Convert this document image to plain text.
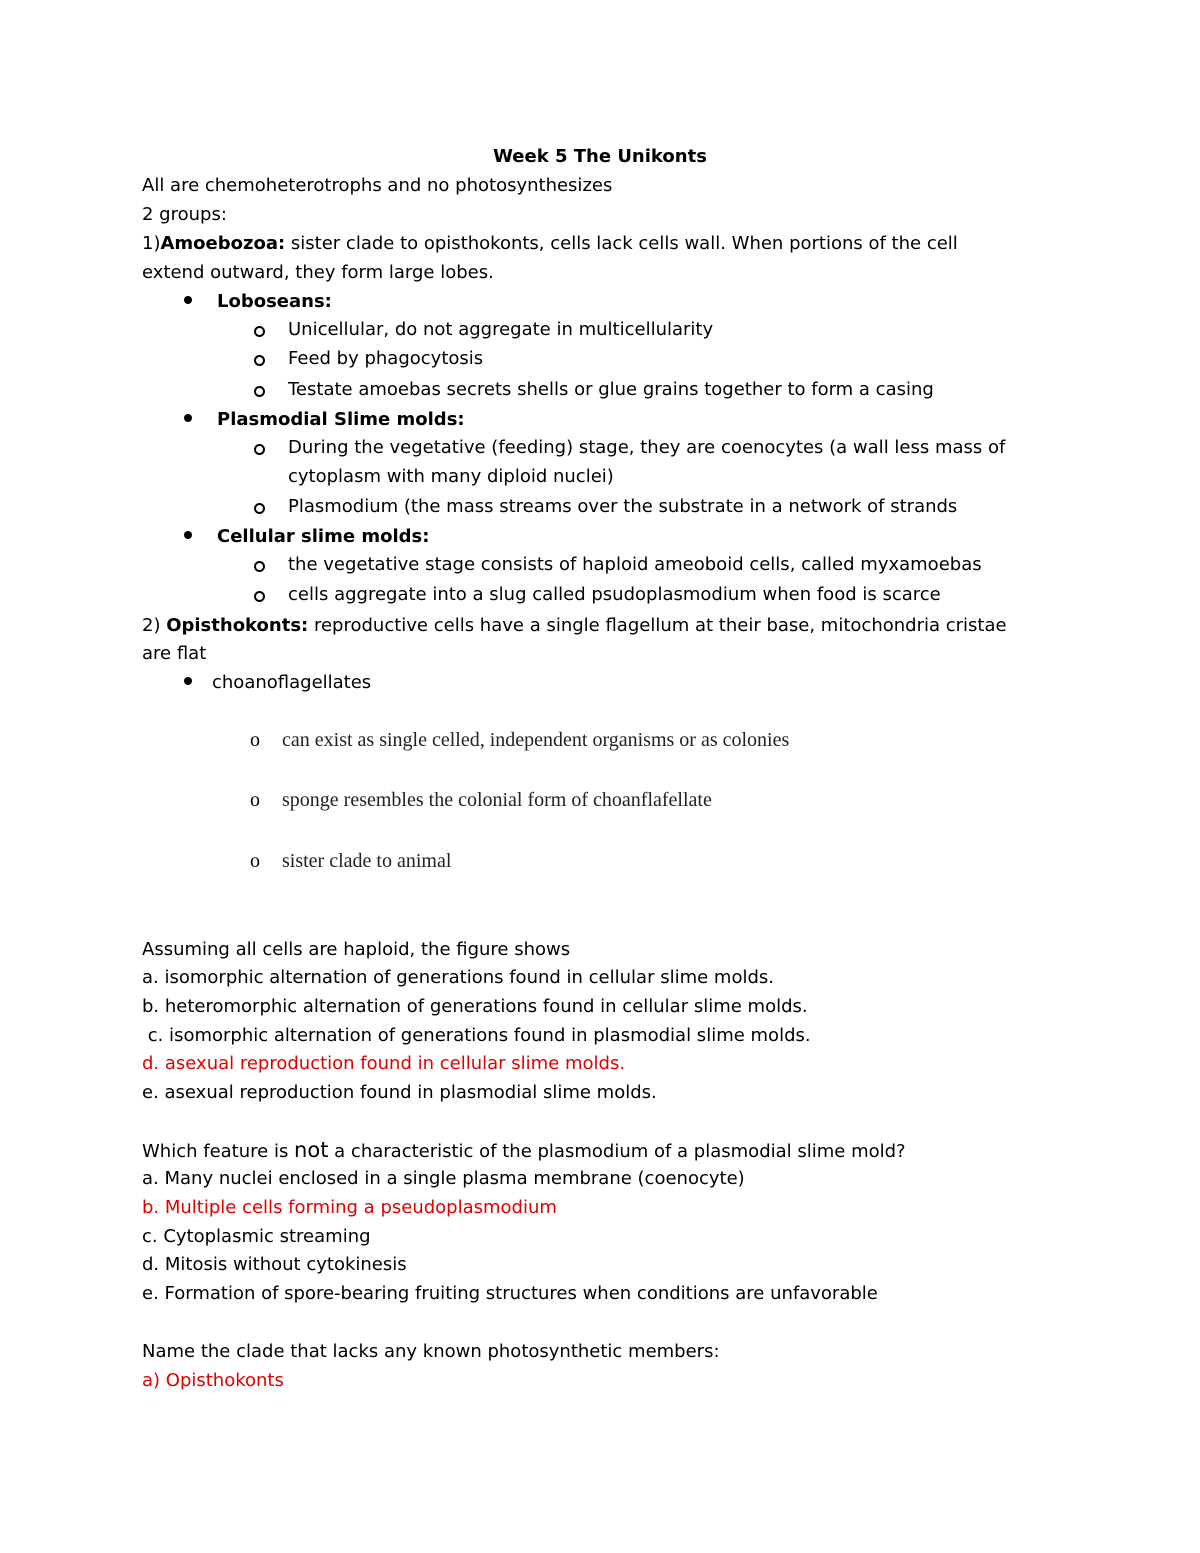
Week 5 The Unikonts
All are chemoheterotrophs and no photosynthesizes
2 groups:
1)Amoebozoa: sister clade to opisthokonts, cells lack cells wall. When portions of the cell
extend outward, they form large lobes.
Loboseans:
Unicellular, do not aggregate in multicellularity
Feed by phagocytosis
Testate amoebas secrets shells or glue grains together to form a casing
Plasmodial Slime molds:
During the vegetative (feeding) stage, they are coenocytes (a wall less mass of
cytoplasm with many diploid nuclei)
Plasmodium (the mass streams over the substrate in a network of strands
Cellular slime molds:
the vegetative stage consists of haploid ameoboid cells, called myxamoebas
cells aggregate into a slug called psudoplasmodium when food is scarce
2) Opisthokonts: reproductive cells have a single flagellum at their base, mitochondria cristae
are flat
choanoflagellates
o can exist as single celled, independent organisms or as colonies
o sponge resembles the colonial form of choanflafellate
o sister clade to animal
Assuming all cells are haploid, the figure shows
a. isomorphic alternation of generations found in cellular slime molds.
b. heteromorphic alternation of generations found in cellular slime molds.
c. isomorphic alternation of generations found in plasmodial slime molds.
d. asexual reproduction found in cellular slime molds.
e. asexual reproduction found in plasmodial slime molds.
Which feature is not a characteristic of the plasmodium of a plasmodial slime mold?
a. Many nuclei enclosed in a single plasma membrane (coenocyte)
b. Multiple cells forming a pseudoplasmodium
c. Cytoplasmic streaming
d. Mitosis without cytokinesis
e. Formation of spore-bearing fruiting structures when conditions are unfavorable
Name the clade that lacks any known photosynthetic members:
a) Opisthokonts
